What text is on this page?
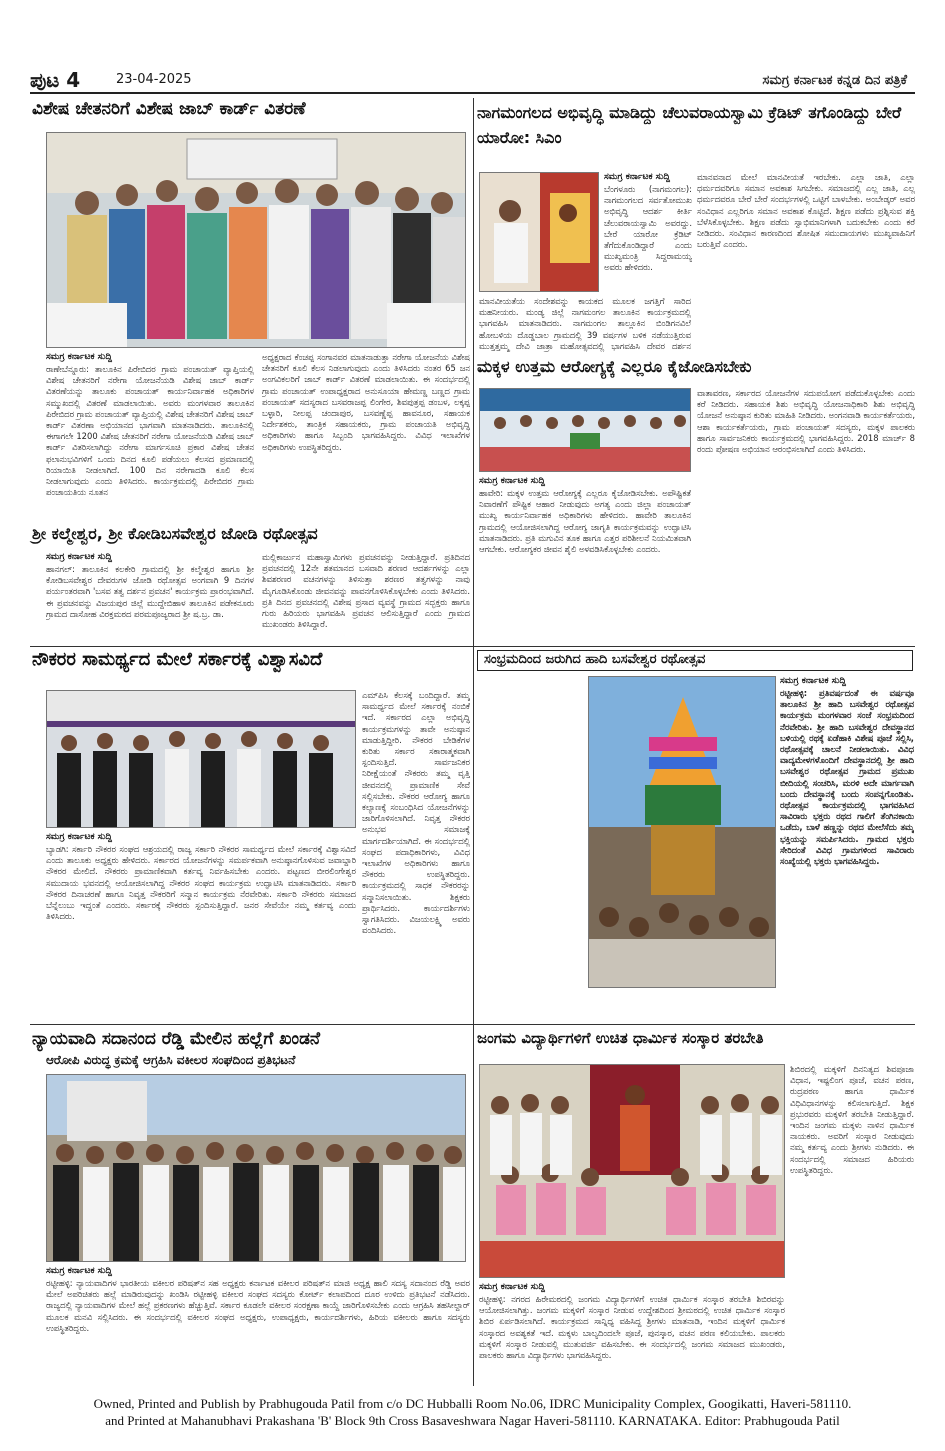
ಪುಟ 4	23-04-2025	ಸಮಗ್ರ ಕರ್ನಾಟಕ ಕನ್ನಡ ದಿನ ಪತ್ರಿಕೆ
ವಿಶೇಷ ಚೇತನರಿಗೆ ವಿಶೇಷ ಜಾಬ್ ಕಾರ್ಡ್ ವಿತರಣೆ
ಸಮಗ್ರ ಕರ್ನಾಟಕ ಸುದ್ದಿ
ರಾಣೇಬೆನ್ನೂರು: ತಾಲೂಕಿನ ಪಿರೇಬಿದರ ಗ್ರಾಮ ಪಂಚಾಯತ್ ವ್ಯಾಪ್ತಿಯಲ್ಲಿ ವಿಶೇಷ ಚೇತನರಿಗೆ ನರೇಗಾ ಯೋಜನೆಯಡಿ ವಿಶೇಷ ಜಾಬ್ ಕಾರ್ಡ್ ವಿತರಣೆಯನ್ನು ತಾಲೂಕು ಪಂಚಾಯತ್ ಕಾರ್ಯನಿರ್ವಾಹಕ ಅಧಿಕಾರಿಗಳ ಸಮ್ಮುಖದಲ್ಲಿ ವಿತರಣೆ ಮಾಡಲಾಯಿತು. ಅವರು ಮಂಗಳವಾರ ತಾಲೂಕಿನ ಪಿರೇಬಿದರ ಗ್ರಾಮ ಪಂಚಾಯತ್ ವ್ಯಾಪ್ತಿಯಲ್ಲಿ ವಿಶೇಷ ಚೇತನರಿಗೆ ವಿಶೇಷ ಜಾಬ್ ಕಾರ್ಡ್ ವಿತರಣಾ ಅಭಿಯಾನದ ಭಾಗವಾಗಿ ಮಾತನಾಡಿದರು. ತಾಲೂಕಿನಲ್ಲಿ ಈಗಾಗಲೇ 1200 ವಿಶೇಷ ಚೇತನರಿಗೆ ನರೇಗಾ ಯೋಜನೆಯಡಿ ವಿಶೇಷ ಜಾಬ್ ಕಾರ್ಡ್ ವಿತರಿಸಲಾಗಿದ್ದು ನರೇಗಾ ಮಾರ್ಗಸೂಚಿ ಪ್ರಕಾರ ವಿಶೇಷ ಚೇತನ ಫಲಾನುಭವಿಗಳಿಗೆ ಒಂದು ದಿನದ ಕೂಲಿ ಪಡೆಯಲು ಕೆಲಸದ ಪ್ರಮಾಣದಲ್ಲಿ ರಿಯಾಯಿತಿ ನೀಡಲಾಗಿದೆ. 100 ದಿನ ನರೇಗಾದಡಿ ಕೂಲಿ ಕೆಲಸ ನೀಡಲಾಗುವುದು ಎಂದು ತಿಳಿಸಿದರು. ಕಾರ್ಯಕ್ರಮದಲ್ಲಿ ಪಿರೇಬಿದರ ಗ್ರಾಮ ಪಂಚಾಯತಿಯ ನೂತನ
ಅಧ್ಯಕ್ಷರಾದ ಕೆಂಚಪ್ಪ ಸಂಗಾನವರ ಮಾತನಾಡುತ್ತಾ ನರೇಗಾ ಯೋಜನೆಯ ವಿಶೇಷ ಚೇತನರಿಗೆ ಕೂಲಿ ಕೆಲಸ ನಿಡಲಾಗುವುದು ಎಂದು ತಿಳಿಸಿದರು ನಂತರ 65 ಜನ ಅಂಗವಿಕಲರಿಗೆ ಜಾಬ್ ಕಾರ್ಡ್ ವಿತರಣೆ ಮಾಡಲಾಯಿತು. ಈ ಸಂದರ್ಭದಲ್ಲಿ ಗ್ರಾಮ ಪಂಚಾಯತ್ ಉಪಾಧ್ಯಕ್ಷರಾದ ಅನುಸೂಯಾ ಹೇಮಣ್ಣ ಬಣ್ಣದ ಗ್ರಾಮ ಪಂಚಾಯತ್ ಸದಸ್ಯರಾದ ಬಸವರಾಜಪ್ಪ ಲಿಂಗೇರ, ಶಿವಪುತ್ರಪ್ಪ ಡಂಬಳ, ಲಕ್ಕಪ್ಪ ಬಳ್ಳಾರಿ, ನೀಲಪ್ಪ ಚಂದಾಪುರ, ಬಸವಣ್ಣೆಪ್ಪ ಹಾವನೂರ, ಸಹಾಯಕ ನಿರ್ದೇಶಕರು, ತಾಂತ್ರಿಕ ಸಹಾಯಕರು, ಗ್ರಾಮ ಪಂಚಾಯತಿ ಅಭಿವೃದ್ಧಿ ಅಧಿಕಾರಿಗಳು ಹಾಗೂ ಸಿಬ್ಬಂದಿ ಭಾಗವಹಿಸಿದ್ದರು. ವಿವಿಧ ಇಲಾಖೆಗಳ ಅಧಿಕಾರಿಗಳು ಉಪಸ್ಥಿತರಿದ್ದರು.
ಶ್ರೀ ಕಲ್ಮೇಶ್ವರ, ಶ್ರೀ ಕೋಡಿಬಸವೇಶ್ವರ ಜೋಡಿ ರಥೋತ್ಸವ
ಸಮಗ್ರ ಕರ್ನಾಟಕ ಸುದ್ದಿ
ಹಾನಗಲ್: ತಾಲೂಕಿನ ಕಲಕೇರಿ ಗ್ರಾಮದಲ್ಲಿ ಶ್ರೀ ಕಲ್ಮೇಶ್ವರ ಹಾಗೂ ಶ್ರೀ ಕೋಡಿಬಸವೇಶ್ವರ ದೇವರುಗಳ ಜೋಡಿ ರಥೋತ್ಸವ ಅಂಗವಾಗಿ 9 ದಿನಗಳ ಪರ್ಯಂತರವಾಗಿ 'ಬಸವ ತತ್ವ ದರ್ಶನ ಪ್ರವಚನ' ಕಾರ್ಯಕ್ರಮ ಪ್ರಾರಂಭವಾಗಿದೆ. ಈ ಪ್ರವಚನವನ್ನು ವಿಜಯಪುರ ಜಿಲ್ಲೆ ಮುದ್ದೇಬಿಹಾಳ ತಾಲೂಕಿನ ಪಡೇಕನೂರು ಗ್ರಾಮದ ದಾಸೋಹ ವಿರಕ್ತಮಠದ ಪರಮಪೂಜ್ಯರಾದ ಶ್ರೀ ಷ.ಬ್ರ. ಡಾ.
ಮಲ್ಲಿಕಾರ್ಜುನ ಮಹಾಸ್ವಾಮಿಗಳು ಪ್ರವಚನವನ್ನು ನೀಡುತ್ತಿದ್ದಾರೆ. ಪ್ರತಿದಿನದ ಪ್ರವಚನದಲ್ಲಿ 12ನೇ ಶತಮಾನದ ಬಸವಾದಿ ಶರಣರ ಆದರ್ಶಗಳನ್ನು ಎಲ್ಲಾ ಶಿವಶರಣರ ವಚನಗಳನ್ನು ತಿಳಿಸುತ್ತಾ ಶರಣರ ತತ್ವಗಳನ್ನು ನಾವು ಮೈಗೂಡಿಸಿಕೊಂಡು ಜೀವನವನ್ನು ಪಾವನಗೊಳಿಸಿಕೊಳ್ಳಬೇಕು ಎಂದು ತಿಳಿಸಿದರು. ಪ್ರತಿ ದಿನದ ಪ್ರವಚನದಲ್ಲಿ ವಿಶೇಷ ಪ್ರಸಾದ ವ್ಯವಸ್ಥೆ ಗ್ರಾಮದ ಸದ್ಭಕ್ತರು ಹಾಗೂ ಗುರು ಹಿರಿಯರು ಭಾಗವಹಿಸಿ ಪ್ರವಚನ ಆಲಿಸುತ್ತಿದ್ದಾರೆ ಎಂದು ಗ್ರಾಮದ ಮುಖಂಡರು ತಿಳಿಸಿದ್ದಾರೆ.
ನಾಗಮಂಗಲದ ಅಭಿವೃದ್ಧಿ ಮಾಡಿದ್ದು ಚೆಲುವರಾಯಸ್ವಾಮಿ ಕ್ರೆಡಿಟ್ ತಗೊಂಡಿದ್ದು ಬೇರೆ ಯಾರೋ: ಸಿಎಂ
ಸಮಗ್ರ ಕರ್ನಾಟಕ ಸುದ್ದಿ
ಬೆಂಗಳೂರು (ನಾಗಮಂಗಲ): ನಾಗಮಂಗಲದ ಸರ್ವತೋಮುಖ ಅಭಿವೃದ್ಧಿ ಆದರ್ಶ ಕೀರ್ತಿ ಚೆಲುವರಾಯಸ್ವಾಮಿ ಅವರದ್ದು. ಬೇರೆ ಯಾರೋ ಕ್ರೆಡಿಟ್ ತೆಗೆದುಕೊಂಡಿದ್ದಾರೆ ಎಂದು ಮುಖ್ಯಮಂತ್ರಿ ಸಿದ್ದರಾಮಯ್ಯ ಅವರು ಹೇಳಿದರು.
ಮಾನವೀಯತೆಯ ಸಂದೇಶವನ್ನು ಕಾಯಕದ ಮೂಲಕ ಜಗತ್ತಿಗೆ ಸಾರಿದ ಮಹನೀಯರು. ಮಂಡ್ಯ ಜಿಲ್ಲೆ ನಾಗಮಂಗಲ ತಾಲೂಕಿನ ಕಾರ್ಯಕ್ರಮದಲ್ಲಿ ಭಾಗವಹಿಸಿ ಮಾತನಾಡಿದರು. ನಾಗಮಂಗಲ ತಾಲ್ಲೂಕಿನ ಬಿಂಡಿಗನವಿಲೆ ಹೋಬಳಿಯ ದೊಡ್ಡಬಾಲ ಗ್ರಾಮದಲ್ಲಿ 39 ವರ್ಷಗಳ ಬಳಿಕ ನಡೆಯುತ್ತಿರುವ ಮುತ್ತತ್ತಮ್ಮ ದೇವಿ ಜಾತ್ರಾ ಮಹೋತ್ಸವದಲ್ಲಿ ಭಾಗವಹಿಸಿ ದೇವರ ದರ್ಶನ
ಮಾನವನಾದ ಮೇಲೆ ಮಾನವೀಯತೆ ಇರಬೇಕು. ಎಲ್ಲಾ ಜಾತಿ, ಎಲ್ಲಾ ಧರ್ಮದವರಿಗೂ ಸಮಾನ ಅವಕಾಶ ಸಿಗಬೇಕು. ಸಮಾಜದಲ್ಲಿ ಎಲ್ಲ ಜಾತಿ, ಎಲ್ಲ ಧರ್ಮದವರೂ ಬೇರೆ ಬೇರೆ ಸಂದರ್ಭಗಳಲ್ಲಿ ಒಟ್ಟಿಗೆ ಬಾಳಬೇಕು. ಅಂಬೇಡ್ಕರ್ ಅವರ ಸಂವಿಧಾನ ಎಲ್ಲರಿಗೂ ಸಮಾನ ಅವಕಾಶ ಕೊಟ್ಟಿದೆ. ಶಿಕ್ಷಣ ಪಡೆದು ಪ್ರಶ್ನಿಸುವ ಶಕ್ತಿ ಬೆಳೆಸಿಕೊಳ್ಳಬೇಕು. ಶಿಕ್ಷಣ ಪಡೆದು ಸ್ವಾಭಿಮಾನಿಗಳಾಗಿ ಬದುಕಬೇಕು ಎಂದು ಕರೆ ನೀಡಿದರು. ಸಂವಿಧಾನ ಕಾರಣದಿಂದ ಶೋಷಿತ ಸಮುದಾಯಗಳು ಮುಖ್ಯವಾಹಿನಿಗೆ ಬರುತ್ತಿವೆ ಎಂದರು.
ಮಕ್ಕಳ ಉತ್ತಮ ಆರೋಗ್ಯಕ್ಕೆ ಎಲ್ಲರೂ ಕೈಜೋಡಿಸಬೇಕು
ಸಮಗ್ರ ಕರ್ನಾಟಕ ಸುದ್ದಿ
ಹಾವೇರಿ: ಮಕ್ಕಳ ಉತ್ತಮ ಆರೋಗ್ಯಕ್ಕೆ ಎಲ್ಲರೂ ಕೈಜೋಡಿಸಬೇಕು. ಅಪೌಷ್ಟಿಕತೆ ನಿವಾರಣೆಗೆ ಪೌಷ್ಟಿಕ ಆಹಾರ ನೀಡುವುದು ಅಗತ್ಯ ಎಂದು ಜಿಲ್ಲಾ ಪಂಚಾಯತ್ ಮುಖ್ಯ ಕಾರ್ಯನಿರ್ವಾಹಕ ಅಧಿಕಾರಿಗಳು ಹೇಳಿದರು. ಹಾವೇರಿ ತಾಲೂಕಿನ ಗ್ರಾಮದಲ್ಲಿ ಆಯೋಜಿಸಲಾಗಿದ್ದ ಆರೋಗ್ಯ ಜಾಗೃತಿ ಕಾರ್ಯಕ್ರಮವನ್ನು ಉದ್ಘಾಟಿಸಿ ಮಾತನಾಡಿದರು. ಪ್ರತಿ ಮಗುವಿನ ತೂಕ ಹಾಗೂ ಎತ್ತರ ಪರಿಶೀಲನೆ ನಿಯಮಿತವಾಗಿ ಆಗಬೇಕು. ಆರೋಗ್ಯಕರ ಜೀವನ ಶೈಲಿ ಅಳವಡಿಸಿಕೊಳ್ಳಬೇಕು ಎಂದರು.
ವಾತಾವರಣ, ಸರ್ಕಾರದ ಯೋಜನೆಗಳ ಸದುಪಯೋಗ ಪಡೆದುಕೊಳ್ಳಬೇಕು ಎಂದು ಕರೆ ನೀಡಿದರು. ಸಹಾಯಕ ಶಿಶು ಅಭಿವೃದ್ಧಿ ಯೋಜನಾಧಿಕಾರಿ ಶಿಶು ಅಭಿವೃದ್ಧಿ ಯೋಜನೆ ಅನುಷ್ಠಾನ ಕುರಿತು ಮಾಹಿತಿ ನೀಡಿದರು. ಅಂಗನವಾಡಿ ಕಾರ್ಯಕರ್ತೆಯರು, ಆಶಾ ಕಾರ್ಯಕರ್ತೆಯರು, ಗ್ರಾಮ ಪಂಚಾಯತ್ ಸದಸ್ಯರು, ಮಕ್ಕಳ ಪಾಲಕರು ಹಾಗೂ ಸಾರ್ವಜನಿಕರು ಕಾರ್ಯಕ್ರಮದಲ್ಲಿ ಭಾಗವಹಿಸಿದ್ದರು. 2018 ಮಾರ್ಚ್ 8 ರಂದು ಪೋಷಣ ಅಭಿಯಾನ ಆರಂಭಿಸಲಾಗಿದೆ ಎಂದು ತಿಳಿಸಿದರು.
ನೌಕರರ ಸಾಮರ್ಥ್ಯದ ಮೇಲೆ ಸರ್ಕಾರಕ್ಕೆ ವಿಶ್ವಾಸವಿದೆ
ಸಮಗ್ರ ಕರ್ನಾಟಕ ಸುದ್ದಿ
ಬ್ಯಾಡಗಿ: ಸರ್ಕಾರಿ ನೌಕರರ ಸಂಘದ ಆಶ್ರಯದಲ್ಲಿ ರಾಜ್ಯ ಸರ್ಕಾರಿ ನೌಕರರ ಸಾಮರ್ಥ್ಯದ ಮೇಲೆ ಸರ್ಕಾರಕ್ಕೆ ವಿಶ್ವಾಸವಿದೆ ಎಂದು ತಾಲೂಕು ಅಧ್ಯಕ್ಷರು ಹೇಳಿದರು. ಸರ್ಕಾರದ ಯೋಜನೆಗಳನ್ನು ಸಮರ್ಪಕವಾಗಿ ಅನುಷ್ಠಾನಗೊಳಿಸುವ ಜವಾಬ್ದಾರಿ ನೌಕರರ ಮೇಲಿದೆ. ನೌಕರರು ಪ್ರಾಮಾಣಿಕವಾಗಿ ಕರ್ತವ್ಯ ನಿರ್ವಹಿಸಬೇಕು ಎಂದರು. ಪಟ್ಟಣದ ಬೀರಲಿಂಗೇಶ್ವರ ಸಮುದಾಯ ಭವನದಲ್ಲಿ ಆಯೋಜಿಸಲಾಗಿದ್ದ ನೌಕರರ ಸಂಘದ ಕಾರ್ಯಕ್ರಮ ಉದ್ಘಾಟಿಸಿ ಮಾತನಾಡಿದರು. ಸರ್ಕಾರಿ ನೌಕರರ ದಿನಾಚರಣೆ ಹಾಗೂ ನಿವೃತ್ತ ನೌಕರರಿಗೆ ಸನ್ಮಾನ ಕಾರ್ಯಕ್ರಮ ನೆರವೇರಿತು. ಸರ್ಕಾರಿ ನೌಕರರು ಸಮಾಜದ ಬೆನ್ನೆಲುಬು ಇದ್ದಂತೆ ಎಂದರು. ಸರ್ಕಾರಕ್ಕೆ ನೌಕರರು ಸ್ಪಂದಿಸುತ್ತಿದ್ದಾರೆ. ಜನರ ಸೇವೆಯೇ ನಮ್ಮ ಕರ್ತವ್ಯ ಎಂದು ತಿಳಿಸಿದರು.
ಎಮ್‌ಪಿಸಿ ಕೆಲಸಕ್ಕೆ ಬಂದಿದ್ದಾರೆ. ತಮ್ಮ ಸಾಮರ್ಥ್ಯದ ಮೇಲೆ ಸರ್ಕಾರಕ್ಕೆ ನಂಬಿಕೆ ಇದೆ. ಸರ್ಕಾರದ ಎಲ್ಲಾ ಅಭಿವೃದ್ಧಿ ಕಾರ್ಯಕ್ರಮಗಳನ್ನು ತಾವೇ ಅನುಷ್ಠಾನ ಮಾಡುತ್ತಿದ್ದೀರಿ. ನೌಕರರ ಬೇಡಿಕೆಗಳ ಕುರಿತು ಸರ್ಕಾರ ಸಕಾರಾತ್ಮಕವಾಗಿ ಸ್ಪಂದಿಸುತ್ತಿದೆ. ಸಾರ್ವಜನಿಕರ ನಿರೀಕ್ಷೆಯಂತೆ ನೌಕರರು ತಮ್ಮ ವೃತ್ತಿ ಜೀವನದಲ್ಲಿ ಪ್ರಾಮಾಣಿಕ ಸೇವೆ ಸಲ್ಲಿಸಬೇಕು. ನೌಕರರ ಆರೋಗ್ಯ ಹಾಗೂ ಕಲ್ಯಾಣಕ್ಕೆ ಸಂಬಂಧಿಸಿದ ಯೋಜನೆಗಳನ್ನು ಜಾರಿಗೊಳಿಸಲಾಗಿದೆ. ನಿವೃತ್ತ ನೌಕರರ ಅನುಭವ ಸಮಾಜಕ್ಕೆ ಮಾರ್ಗದರ್ಶಿಯಾಗಿದೆ. ಈ ಸಂದರ್ಭದಲ್ಲಿ ಸಂಘದ ಪದಾಧಿಕಾರಿಗಳು, ವಿವಿಧ ಇಲಾಖೆಗಳ ಅಧಿಕಾರಿಗಳು ಹಾಗೂ ನೌಕರರು ಉಪಸ್ಥಿತರಿದ್ದರು. ಕಾರ್ಯಕ್ರಮದಲ್ಲಿ ಸಾಧಕ ನೌಕರರನ್ನು ಸನ್ಮಾನಿಸಲಾಯಿತು. ಶಿಕ್ಷಕರು ಪ್ರಾರ್ಥಿಸಿದರು. ಕಾರ್ಯದರ್ಶಿಗಳು ಸ್ವಾಗತಿಸಿದರು. ವಿಜಯಲಕ್ಷ್ಮಿ ಅವರು ವಂದಿಸಿದರು.
ಸಂಭ್ರಮದಿಂದ ಜರುಗಿದ ಹಾದಿ ಬಸವೇಶ್ವರ ರಥೋತ್ಸವ
ಸಮಗ್ರ ಕರ್ನಾಟಕ ಸುದ್ದಿ
ರಟ್ಟೀಹಳ್ಳಿ: ಪ್ರತಿವರ್ಷದಂತೆ ಈ ವರ್ಷವೂ ತಾಲೂಕಿನ ಶ್ರೀ ಹಾದಿ ಬಸವೇಶ್ವರ ರಥೋತ್ಸವ ಕಾರ್ಯಕ್ರಮ ಮಂಗಳವಾರ ಸಂಜೆ ಸಂಭ್ರಮದಿಂದ ನೆರವೇರಿತು. ಶ್ರೀ ಹಾದಿ ಬಸವೇಶ್ವರ ದೇವಸ್ಥಾನದ ಬಳಿಯಲ್ಲಿ ರಥಕ್ಕೆ ಏಡೆಹಾಕಿ ವಿಶೇಷ ಪೂಜೆ ಸಲ್ಲಿಸಿ, ರಥೋತ್ಸವಕ್ಕೆ ಚಾಲನೆ ನೀಡಲಾಯಿತು. ವಿವಿಧ ವಾದ್ಯಮೇಳಗಳೊಂದಿಗೆ ದೇವಸ್ಥಾನದಲ್ಲಿ ಶ್ರೀ ಹಾದಿ ಬಸವೇಶ್ವರ ರಥೋತ್ಸವ ಗ್ರಾಮದ ಪ್ರಮುಖ ಬೀದಿಯಲ್ಲಿ ಸಂಚರಿಸಿ, ಮರಳಿ ಅದೇ ಮಾರ್ಗವಾಗಿ ಬಂದು ದೇವಸ್ಥಾನಕ್ಕೆ ಬಂದು ಸಂಪನ್ನಗೊಂಡಿತು. ರಥೋತ್ಸವ ಕಾರ್ಯಕ್ರಮದಲ್ಲಿ ಭಾಗವಹಿಸಿದ ಸಾವಿರಾರು ಭಕ್ತರು ರಥದ ಗಾಲಿಗೆ ತೆಂಗಿನಕಾಯಿ ಒಡೆದು, ಬಾಳೆ ಹಣ್ಣನ್ನು ರಥದ ಮೇಲೆಸೆದು ತಮ್ಮ ಭಕ್ತಿಯನ್ನು ಸಮರ್ಪಿಸಿದರು. ಗ್ರಾಮದ ಭಕ್ತರು ಸೇರಿದಂತೆ ವಿವಿಧ ಗ್ರಾಮಗಳಿಂದ ಸಾವಿರಾರು ಸಂಖ್ಯೆಯಲ್ಲಿ ಭಕ್ತರು ಭಾಗವಹಿಸಿದ್ದರು.
ನ್ಯಾಯವಾದಿ ಸದಾನಂದ ರೆಡ್ಡಿ ಮೇಲಿನ ಹಲ್ಲೆಗೆ ಖಂಡನೆ
ಆರೋಪಿ ವಿರುದ್ಧ ಕ್ರಮಕ್ಕೆ ಆಗ್ರಹಿಸಿ ವಕೀಲರ ಸಂಘದಿಂದ ಪ್ರತಿಭಟನೆ
ಸಮಗ್ರ ಕರ್ನಾಟಕ ಸುದ್ದಿ
ರಟ್ಟೀಹಳ್ಳಿ: ನ್ಯಾಯವಾದಿಗಳ ಭಾರತೀಯ ವಕೀಲರ ಪರಿಷತ್‌ನ ಸಹ ಅಧ್ಯಕ್ಷರು ಕರ್ನಾಟಕ ವಕೀಲರ ಪರಿಷತ್‌ನ ಮಾಜಿ ಅಧ್ಯಕ್ಷ ಹಾಲಿ ಸದಸ್ಯ ಸದಾನಂದ ರೆಡ್ಡಿ ಅವರ ಮೇಲೆ ಅಪರಿಚಿತರು ಹಲ್ಲೆ ಮಾಡಿರುವುದನ್ನು ಖಂಡಿಸಿ ರಟ್ಟೀಹಳ್ಳಿ ವಕೀಲರ ಸಂಘದ ಸದಸ್ಯರು ಕೋರ್ಟ್ ಕಲಾಪದಿಂದ ದೂರ ಉಳಿದು ಪ್ರತಿಭಟನೆ ನಡೆಸಿದರು. ರಾಜ್ಯದಲ್ಲಿ ನ್ಯಾಯವಾದಿಗಳ ಮೇಲೆ ಹಲ್ಲೆ ಪ್ರಕರಣಗಳು ಹೆಚ್ಚುತ್ತಿವೆ. ಸರ್ಕಾರ ಕೂಡಲೇ ವಕೀಲರ ಸಂರಕ್ಷಣಾ ಕಾಯ್ದೆ ಜಾರಿಗೊಳಿಸಬೇಕು ಎಂದು ಆಗ್ರಹಿಸಿ ತಹಸೀಲ್ದಾರ್ ಮೂಲಕ ಮನವಿ ಸಲ್ಲಿಸಿದರು. ಈ ಸಂದರ್ಭದಲ್ಲಿ ವಕೀಲರ ಸಂಘದ ಅಧ್ಯಕ್ಷರು, ಉಪಾಧ್ಯಕ್ಷರು, ಕಾರ್ಯದರ್ಶಿಗಳು, ಹಿರಿಯ ವಕೀಲರು ಹಾಗೂ ಸದಸ್ಯರು ಉಪಸ್ಥಿತರಿದ್ದರು.
ಜಂಗಮ ವಿದ್ಯಾರ್ಥಿಗಳಿಗೆ ಉಚಿತ ಧಾರ್ಮಿಕ ಸಂಸ್ಕಾರ ತರಬೇತಿ
ಸಮಗ್ರ ಕರ್ನಾಟಕ ಸುದ್ದಿ
ರಟ್ಟೀಹಳ್ಳಿ: ನಗರದ ಹಿರೇಮಠದಲ್ಲಿ ಜಂಗಮ ವಿದ್ಯಾರ್ಥಿಗಳಿಗೆ ಉಚಿತ ಧಾರ್ಮಿಕ ಸಂಸ್ಕಾರ ತರಬೇತಿ ಶಿಬಿರವನ್ನು ಆಯೋಜಿಸಲಾಗಿತ್ತು. ಜಂಗಮ ಮಕ್ಕಳಿಗೆ ಸಂಸ್ಕಾರ ನೀಡುವ ಉದ್ದೇಶದಿಂದ ಶ್ರೀಮಠದಲ್ಲಿ ಉಚಿತ ಧಾರ್ಮಿಕ ಸಂಸ್ಕಾರ ಶಿಬಿರ ಏರ್ಪಡಿಸಲಾಗಿದೆ. ಕಾರ್ಯಕ್ರಮದ ಸಾನ್ನಿಧ್ಯ ವಹಿಸಿದ್ದ ಶ್ರೀಗಳು ಮಾತನಾಡಿ, ಇಂದಿನ ಮಕ್ಕಳಿಗೆ ಧಾರ್ಮಿಕ ಸಂಸ್ಕಾರದ ಅವಶ್ಯಕತೆ ಇದೆ. ಮಕ್ಕಳು ಬಾಲ್ಯದಿಂದಲೇ ಪೂಜೆ, ಪುನಸ್ಕಾರ, ವಚನ ಪಠಣ ಕಲಿಯಬೇಕು. ಪಾಲಕರು ಮಕ್ಕಳಿಗೆ ಸಂಸ್ಕಾರ ನೀಡುವಲ್ಲಿ ಮುತುವರ್ಜಿ ವಹಿಸಬೇಕು. ಈ ಸಂದರ್ಭದಲ್ಲಿ ಜಂಗಮ ಸಮಾಜದ ಮುಖಂಡರು, ಪಾಲಕರು ಹಾಗೂ ವಿದ್ಯಾರ್ಥಿಗಳು ಭಾಗವಹಿಸಿದ್ದರು.
ಶಿಬಿರದಲ್ಲಿ ಮಕ್ಕಳಿಗೆ ದಿನನಿತ್ಯದ ಶಿವಪೂಜಾ ವಿಧಾನ, ಇಷ್ಟಲಿಂಗ ಪೂಜೆ, ವಚನ ಪಠಣ, ರುದ್ರಪಠಣ ಹಾಗೂ ಧಾರ್ಮಿಕ ವಿಧಿವಿಧಾನಗಳನ್ನು ಕಲಿಸಲಾಗುತ್ತಿದೆ. ಶಿಕ್ಷಕ ಪ್ರಭುರವರು ಮಕ್ಕಳಿಗೆ ತರಬೇತಿ ನೀಡುತ್ತಿದ್ದಾರೆ. ಇಂದಿನ ಜಂಗಮ ಮಕ್ಕಳು ನಾಳಿನ ಧಾರ್ಮಿಕ ನಾಯಕರು. ಅವರಿಗೆ ಸಂಸ್ಕಾರ ನೀಡುವುದು ನಮ್ಮ ಕರ್ತವ್ಯ ಎಂದು ಶ್ರೀಗಳು ನುಡಿದರು. ಈ ಸಂದರ್ಭದಲ್ಲಿ ಸಮಾಜದ ಹಿರಿಯರು ಉಪಸ್ಥಿತರಿದ್ದರು.
Owned, Printed and Publish by Prabhugouda Patil from c/o DC Hubballi Room No.06, IDRC Municipality Complex, Googikatti, Haveri-581110.
and Printed at Mahanubhavi Prakashana 'B' Block 9th Cross Basaveshwara Nagar Haveri-581110. KARNATAKA. Editor: Prabhugouda Patil
